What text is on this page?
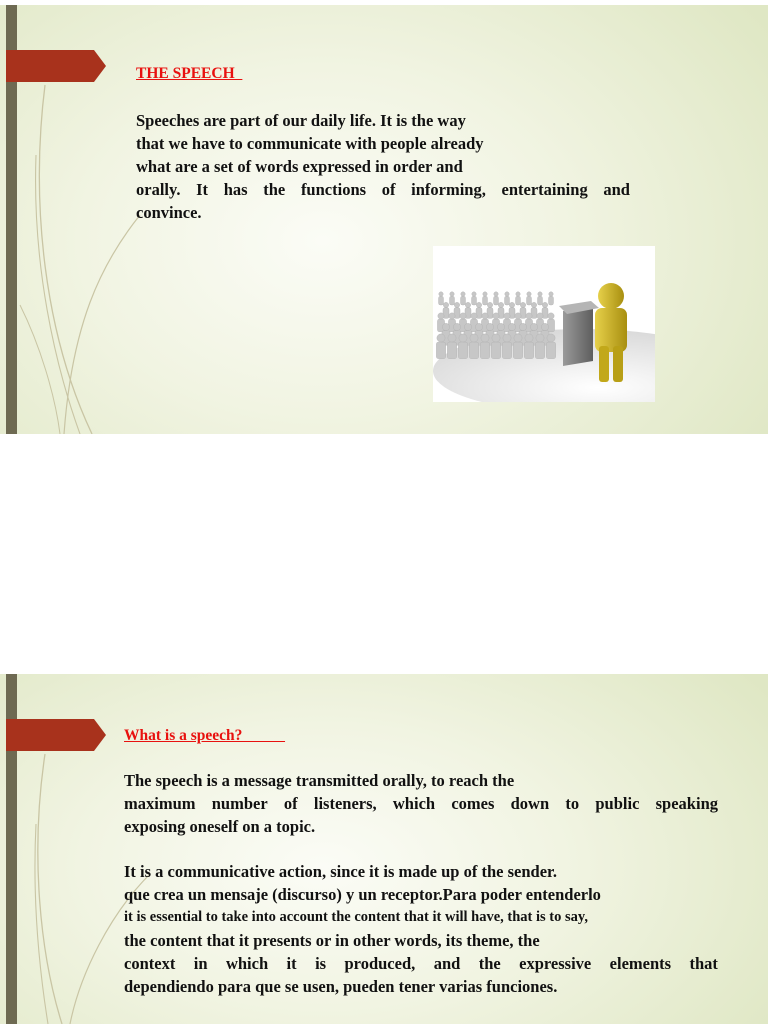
THE SPEECH
Speeches are part of our daily life. It is the way
that we have to communicate with people already
what are a set of words expressed in order and
orally. It has the functions of informing, entertaining and
convince.
What is a speech?
The speech is a message transmitted orally, to reach the
maximum number of listeners, which comes down to public speaking
exposing oneself on a topic.
It is a communicative action, since it is made up of the sender.
que crea un mensaje (discurso) y un receptor.Para poder entenderlo
it is essential to take into account the content that it will have, that is to say,
the content that it presents or in other words, its theme, the
context in which it is produced, and the expressive elements that
dependiendo para que se usen, pueden tener varias funciones.
